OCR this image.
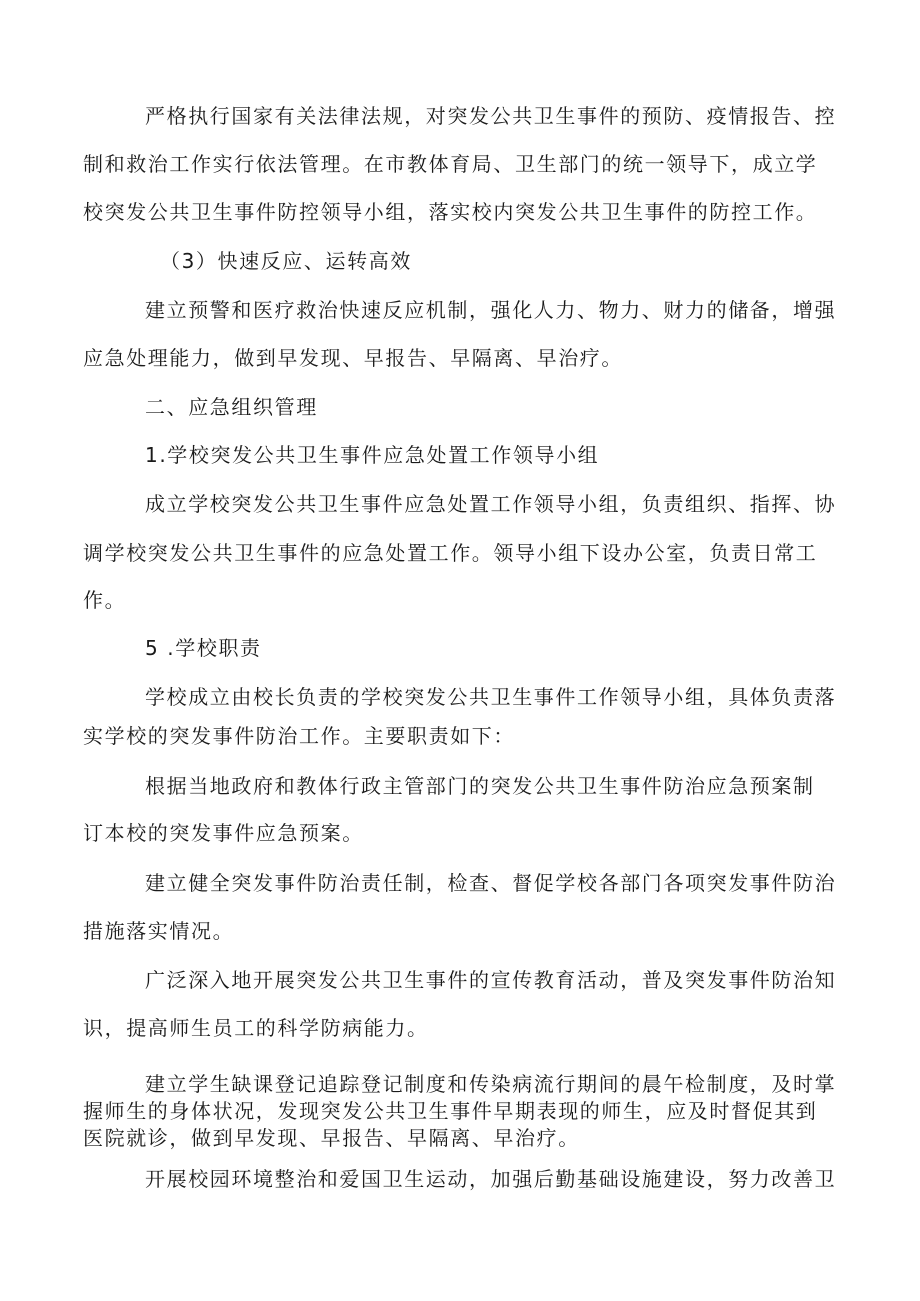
严格执行国家有关法律法规，对突发公共卫生事件的预防、疫情报告、控
制和救治工作实行依法管理。在市教体育局、卫生部门的统一领导下，成立学
校突发公共卫生事件防控领导小组，落实校内突发公共卫生事件的防控工作。
（3）快速反应、运转高效
建立预警和医疗救治快速反应机制，强化人力、物力、财力的储备，增强
应急处理能力，做到早发现、早报告、早隔离、早治疗。
二、应急组织管理
1.学校突发公共卫生事件应急处置工作领导小组
成立学校突发公共卫生事件应急处置工作领导小组，负责组织、指挥、协
调学校突发公共卫生事件的应急处置工作。领导小组下设办公室，负责日常工
作。
5 .学校职责
学校成立由校长负责的学校突发公共卫生事件工作领导小组，具体负责落
实学校的突发事件防治工作。主要职责如下：
根据当地政府和教体行政主管部门的突发公共卫生事件防治应急预案制
订本校的突发事件应急预案。
建立健全突发事件防治责任制，检查、督促学校各部门各项突发事件防治
措施落实情况。
广泛深入地开展突发公共卫生事件的宣传教育活动，普及突发事件防治知
识，提高师生员工的科学防病能力。
建立学生缺课登记追踪登记制度和传染病流行期间的晨午检制度，及时掌
握师生的身体状况，发现突发公共卫生事件早期表现的师生，应及时督促其到
医院就诊，做到早发现、早报告、早隔离、早治疗。
开展校园环境整治和爱国卫生运动，加强后勤基础设施建设，努力改善卫
